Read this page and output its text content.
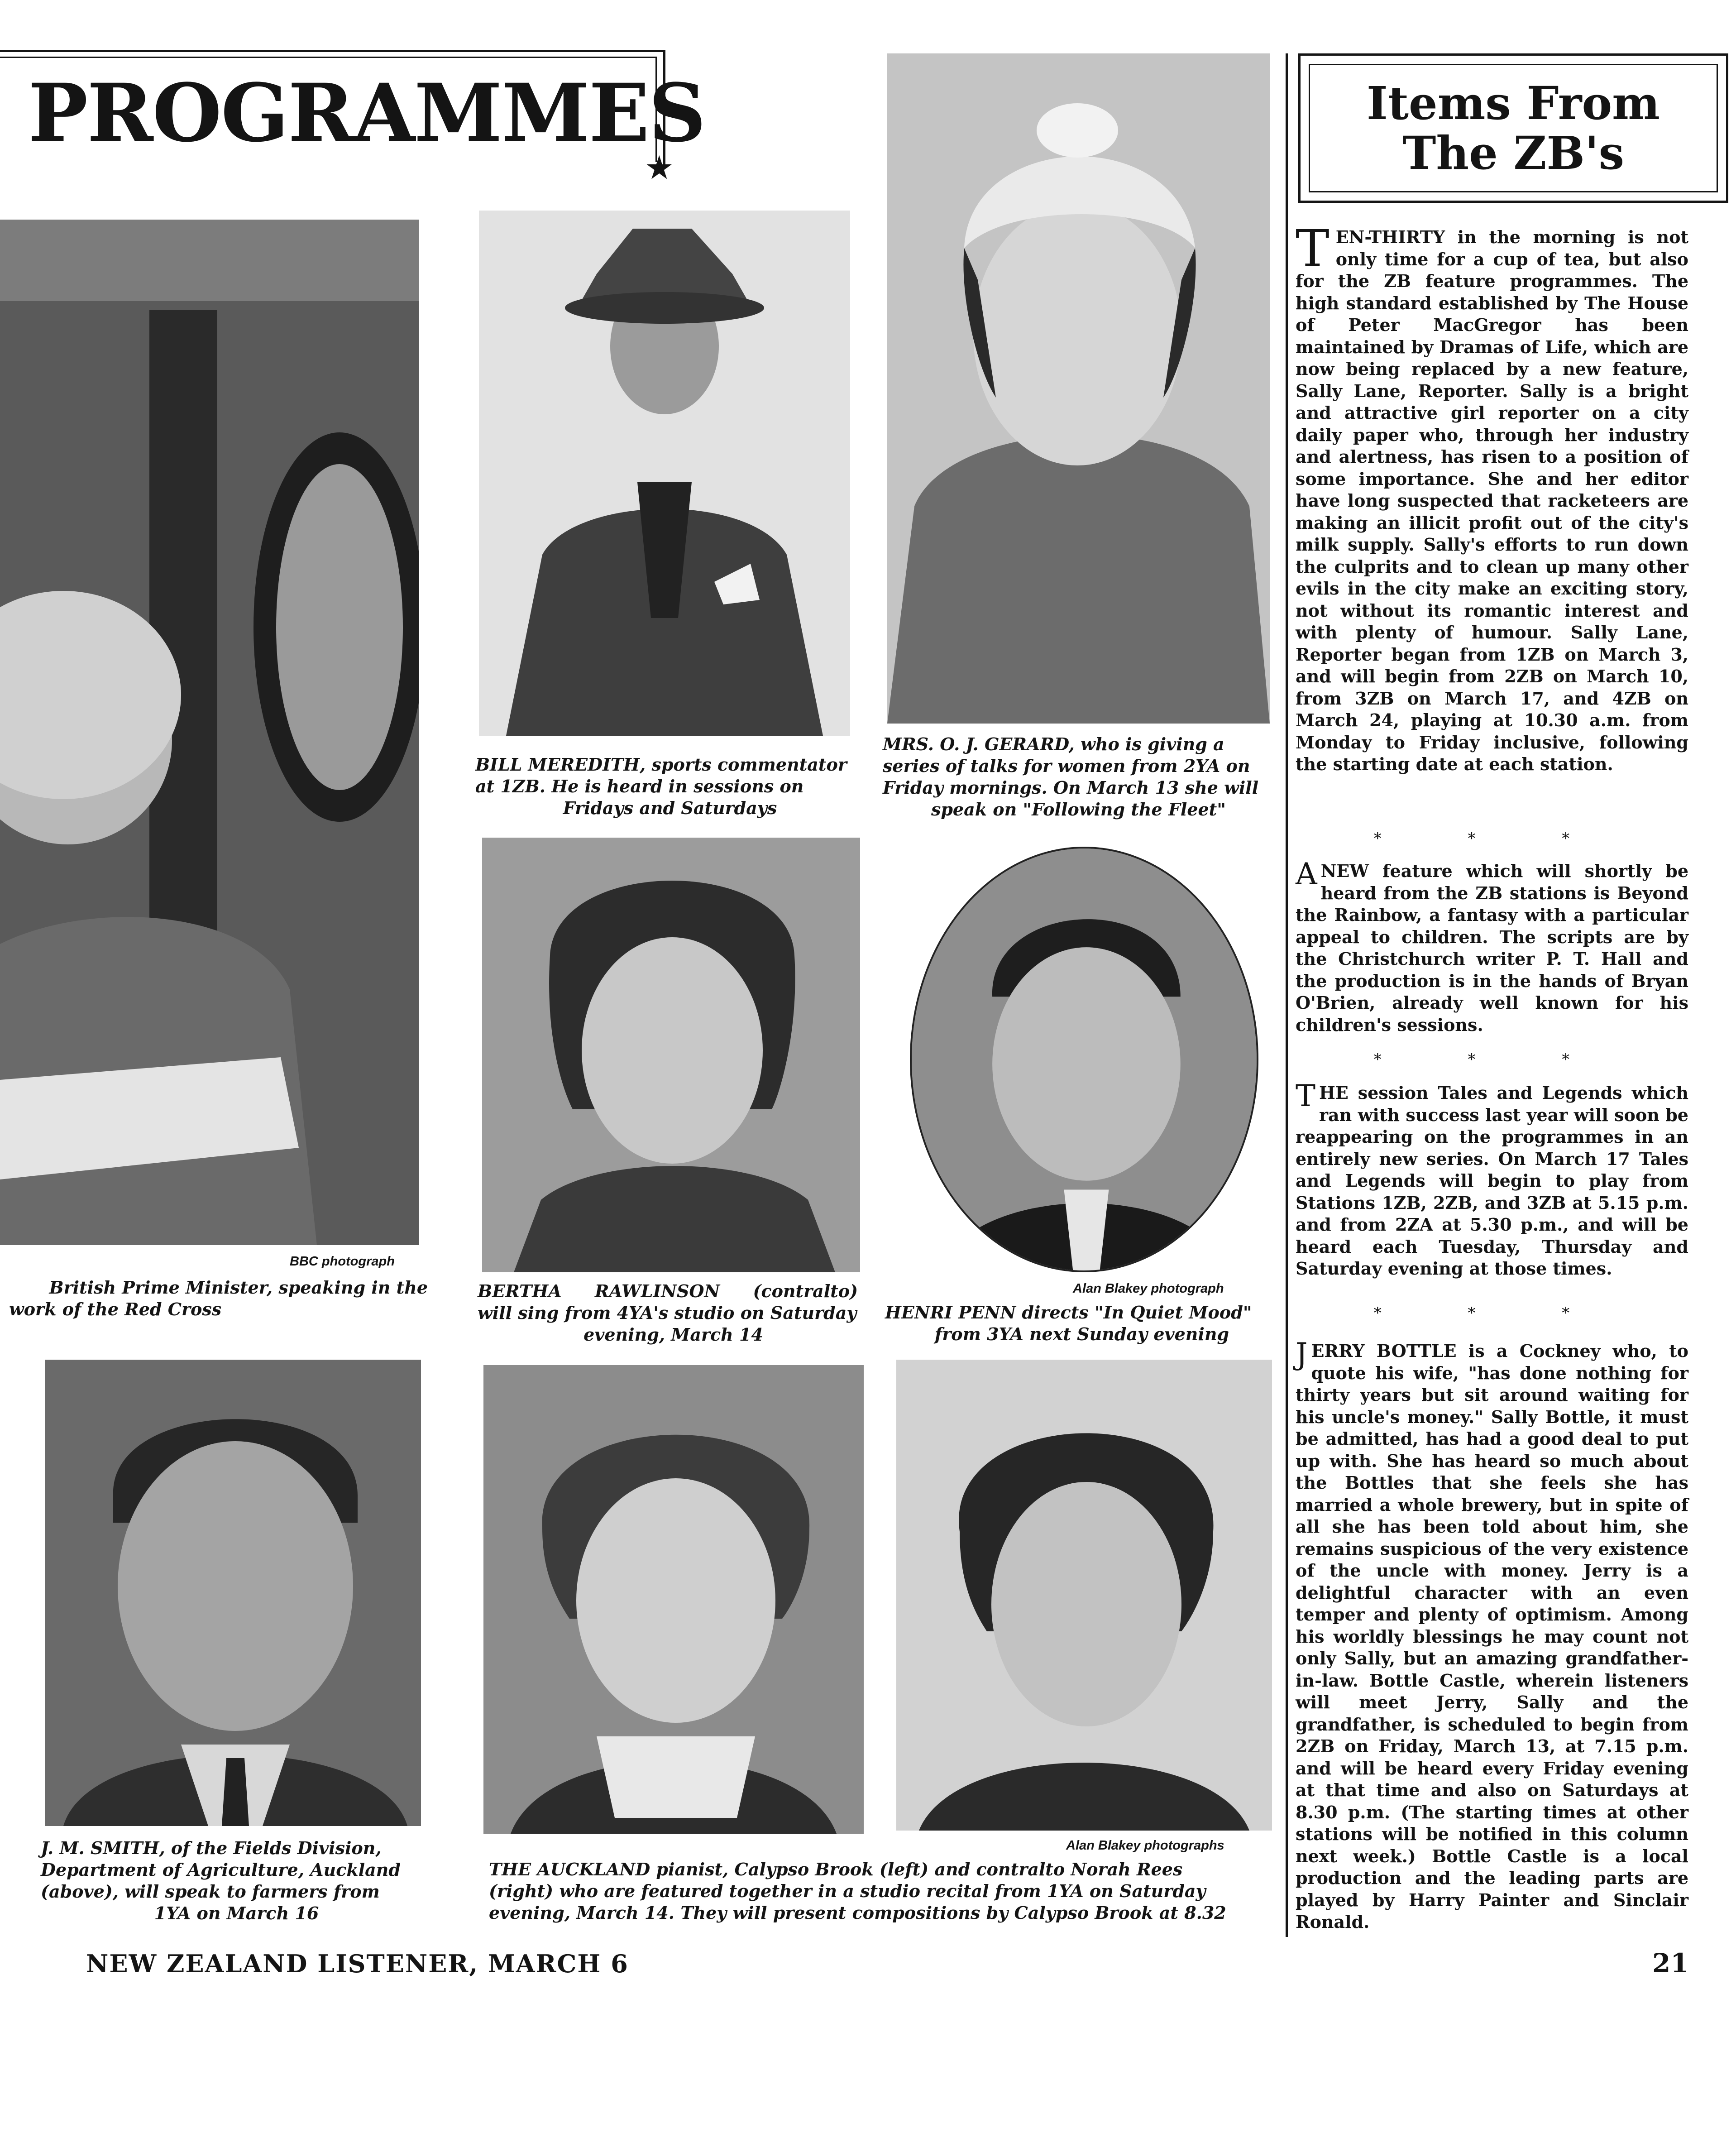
PROGRAMMES
★
Items From
The ZB's
BBC photograph
British Prime Minister, speaking in the
work of the Red Cross
BILL MEREDITH, sports commentator
at 1ZB. He is heard in sessions on
Fridays and Saturdays
MRS. O. J. GERARD, who is giving a
series of talks for women from 2YA on
Friday mornings. On March 13 she will
speak on "Following the Fleet"
BERTHA RAWLINSON (contralto)
will sing from 4YA's studio on Saturday
evening, March 14
Alan Blakey photograph
HENRI PENN directs "In Quiet Mood"
from 3YA next Sunday evening
J. M. SMITH, of the Fields Division,
Department of Agriculture, Auckland
(above), will speak to farmers from
1YA on March 16
Alan Blakey photographs
THE AUCKLAND pianist, Calypso Brook (left) and contralto Norah Rees
(right) who are featured together in a studio recital from 1YA on Saturday
evening, March 14. They will present compositions by Calypso Brook at 8.32
TEN-THIRTY in the morning is not only time for a cup of tea, but also for the ZB feature programmes. The high standard established by The House of Peter MacGregor has been maintained by Dramas of Life, which are now being replaced by a new feature, Sally Lane, Reporter. Sally is a bright and attractive girl reporter on a city daily paper who, through her industry and alertness, has risen to a position of some importance. She and her editor have long suspected that racketeers are making an illicit profit out of the city's milk supply. Sally's efforts to run down the culprits and to clean up many other evils in the city make an exciting story, not without its romantic interest and with plenty of humour. Sally Lane, Reporter began from 1ZB on March 3, and will begin from 2ZB on March 10, from 3ZB on March 17, and 4ZB on March 24, playing at 10.30 a.m. from Monday to Friday inclusive, following the starting date at each station.
* * *
ANEW feature which will shortly be heard from the ZB stations is Beyond the Rainbow, a fantasy with a particular appeal to children. The scripts are by the Christchurch writer P. T. Hall and the production is in the hands of Bryan O'Brien, already well known for his children's sessions.
* * *
THE session Tales and Legends which ran with success last year will soon be reappearing on the programmes in an entirely new series. On March 17 Tales and Legends will begin to play from Stations 1ZB, 2ZB, and 3ZB at 5.15 p.m. and from 2ZA at 5.30 p.m., and will be heard each Tuesday, Thursday and Saturday evening at those times.
* * *
JERRY BOTTLE is a Cockney who, to quote his wife, "has done nothing for thirty years but sit around waiting for his uncle's money." Sally Bottle, it must be admitted, has had a good deal to put up with. She has heard so much about the Bottles that she feels she has married a whole brewery, but in spite of all she has been told about him, she remains suspicious of the very existence of the uncle with money. Jerry is a delightful character with an even temper and plenty of optimism. Among his worldly blessings he may count not only Sally, but an amazing grandfather-in-law. Bottle Castle, wherein listeners will meet Jerry, Sally and the grandfather, is scheduled to begin from 2ZB on Friday, March 13, at 7.15 p.m. and will be heard every Friday evening at that time and also on Saturdays at 8.30 p.m. (The starting times at other stations will be notified in this column next week.) Bottle Castle is a local production and the leading parts are played by Harry Painter and Sinclair Ronald.
NEW ZEALAND LISTENER, MARCH 6	21
